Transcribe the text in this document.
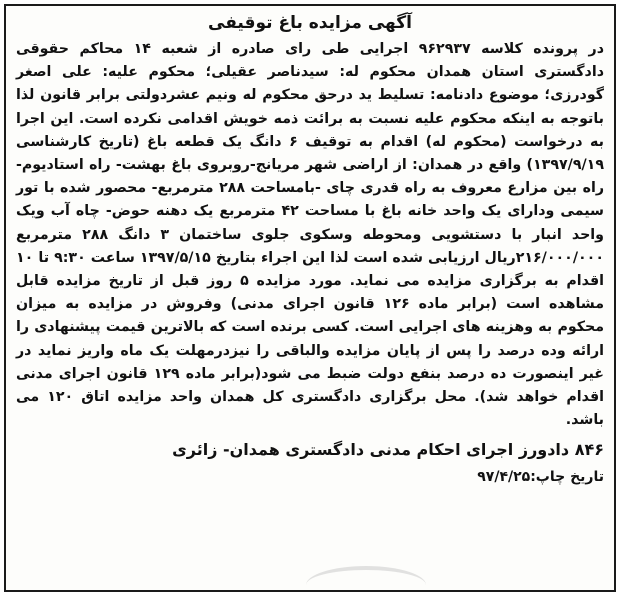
آگهی مزایده باغ توقیفی

در پرونده کلاسه ۹۶۲۹۳۷ اجرایی طی رای صادره از شعبه ۱۴ محاکم حقوقی دادگستری استان همدان محکوم له: سیدناصر عقیلی؛ محکوم علیه: علی اصغر گودرزی؛ موضوع دادنامه: تسلیط ید درحق محکوم له ونیم عشردولتی برابر قانون لذا باتوجه به اینکه محکوم علیه نسبت به برائت ذمه خویش اقدامی نکرده است. این اجرا به درخواست (محکوم له) اقدام به توقیف ۶ دانگ یک قطعه باغ (تاریخ کارشناسی ۱۳۹۷/۹/۱۹) واقع در همدان: از اراضی شهر مریانج-روبروی باغ بهشت- راه استادیوم- راه بین مزارع معروف به راه قدری چای -بامساحت ۲۸۸ مترمربع- محصور شده با تور سیمی ودارای یک واحد خانه باغ با مساحت ۴۲ مترمربع یک دهنه حوض- چاه آب ویک واحد انبار با دستشویی ومحوطه وسکوی جلوی ساختمان ۳ دانگ ۲۸۸ مترمربع ۲۱۶/۰۰۰/۰۰۰ریال ارزیابی شده است لذا این اجراء بتاریخ ۱۳۹۷/۵/۱۵ ساعت ۹:۳۰ تا ۱۰ اقدام به برگزاری مزایده می نماید. مورد مزایده ۵ روز قبل از تاریخ مزایده قابل مشاهده است (برابر ماده ۱۲۶ قانون اجرای مدنی) وفروش در مزایده به میزان محکوم به وهزینه های اجرایی است. کسی برنده است که بالاترین قیمت پیشنهادی را ارائه وده درصد را پس از پایان مزایده والباقی را نیزدرمهلت یک ماه واریز نماید در غیر اینصورت ده درصد بنفع دولت ضبط می شود(برابر ماده ۱۲۹ قانون اجرای مدنی اقدام خواهد شد). محل برگزاری دادگستری کل همدان واحد مزایده اتاق ۱۲۰ می باشد.

۸۴۶ دادورز اجرای احکام مدنی دادگستری همدان- زائری
تاریخ چاپ:۹۷/۴/۲۵
